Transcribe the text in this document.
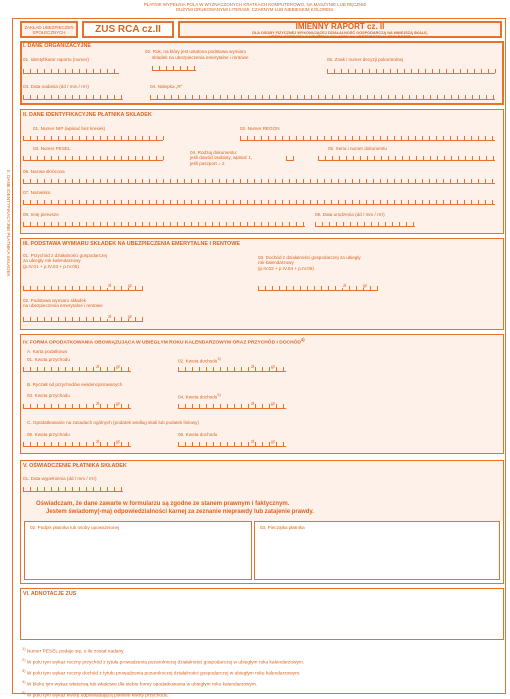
PŁATNIK WYPEŁNIA POLA W WYZNACZONYCH KRATKACH KOMPUTEROWO, NA MASZYNIE LUB RĘCZNIE
DUŻYMI DRUKOWANYMI LITERAMI, CZARNYM LUB NIEBIESKIM KOLOREM.
ZAKŁAD UBEZPIECZEŃ
SPOŁECZNYCH	ZUS RCA cz.II	IMIENNY RAPORT cz. II
DLA OSOBY FIZYCZNEJ WYKONUJĄCEJ DZIAŁALNOŚĆ GOSPODARCZĄ NA MNIEJSZĄ SKALĘ,
KTÓRA KORZYSTA Z OBNIŻENIA SKŁADEK NA UBEZPIECZENIA SPOŁECZNE
I. DANE ORGANIZACYJNE
01. Identyfikator raportu (numer)
02. Rok, na który jest ustalona podstawa wymiaru
składek na ubezpieczenia emerytalne i rentowe	05. Znak i numer decyzji pokontrolnej
03. Data nadania (dd / mm / rrrr)	04. Nalepka „R”
II. DANE IDENTYFIKACYJNE PŁATNIKA SKŁADEK
II. DANE IDENTYFIKACYJNE PŁATNIKA SKŁADEK
01. Numer NIP (wpisać bez kresek)	02. Numer REGON
03. Numer PESEL
04. Rodzaj dokumentu:
jeśli dowód osobisty, wpisać 1,
jeśli paszport = 2
05. Seria i numer dokumentu
06. Nazwa skrócona
07. Nazwisko
08. Imię pierwsze	09. Data urodzenia (dd / mm / rrrr)
III. PODSTAWA WYMIARU SKŁADEK NA UBEZPIECZENIA EMERYTALNE I RENTOWE
01. Przychód z działalności gospodarczej
za ubiegły rok kalendarzowy
(p.IV.01 + p.IV.03 + p.IV.05)
zł	gr
03. Dochód z działalności gospodarczej za ubiegły
rok kalendarzowy
(p.IV.02 + p.IV.04 + p.IV.06)
zł	gr
02. Podstawa wymiaru składek
na ubezpieczenia emerytalne i rentowe
zł	gr
IV. FORMA OPODATKOWANIA OBOWIĄZUJĄCA W UBIEGŁYM ROKU KALENDARZOWYM ORAZ PRZYCHÓD I DOCHÓD$^{4)}$
A. Karta podatkowa
01. Kwota przychodu
zł	gr
02. Kwota dochodu$^{3)}$
zł	gr
B. Ryczałt od przychodów ewidencjonowanych
03. Kwota przychodu
zł	gr
04. Kwota dochodu$^{5)}$
zł	gr
C. Opodatkowanie na zasadach ogólnych (podatek według skali lub podatek liniowy)
05. Kwota przychodu
zł	gr
06. Kwota dochodu
zł	gr
V. OŚWIADCZENIE PŁATNIKA SKŁADEK
01. Data wypełnienia (dd / mm / rrrr)
Oświadczam, że dane zawarte w formularzu są zgodne ze stanem prawnym i faktycznym.
Jestem świadomy(-ma) odpowiedzialności karnej za zeznanie nieprawdy lub zatajenie prawdy.
02. Podpis płatnika lub osoby upoważnionej	03. Pieczątka płatnika
VI. ADNOTACJE ZUS
$^{1)}$ Numer PESEL podaje się, o ile został nadany.
$^{2)}$ W polu tym wykaz roczny przychód z tytułu prowadzenia pozarolniczej działalności gospodarczej w ubiegłym roku kalendarzowym.
$^{3)}$ W polu tym wykaz roczny dochód z tytułu prowadzenia pozarolniczej działalności gospodarczej w ubiegłym roku kalendarzowym.
$^{4)}$ W bloku tym wykaz właściwą lub właściwe dla siebie formy opodatkowania w ubiegłym roku kalendarzowym.
$^{5)}$ W polu tym wykaż kwotę odpowiadającą połowie kwoty przychodu.
